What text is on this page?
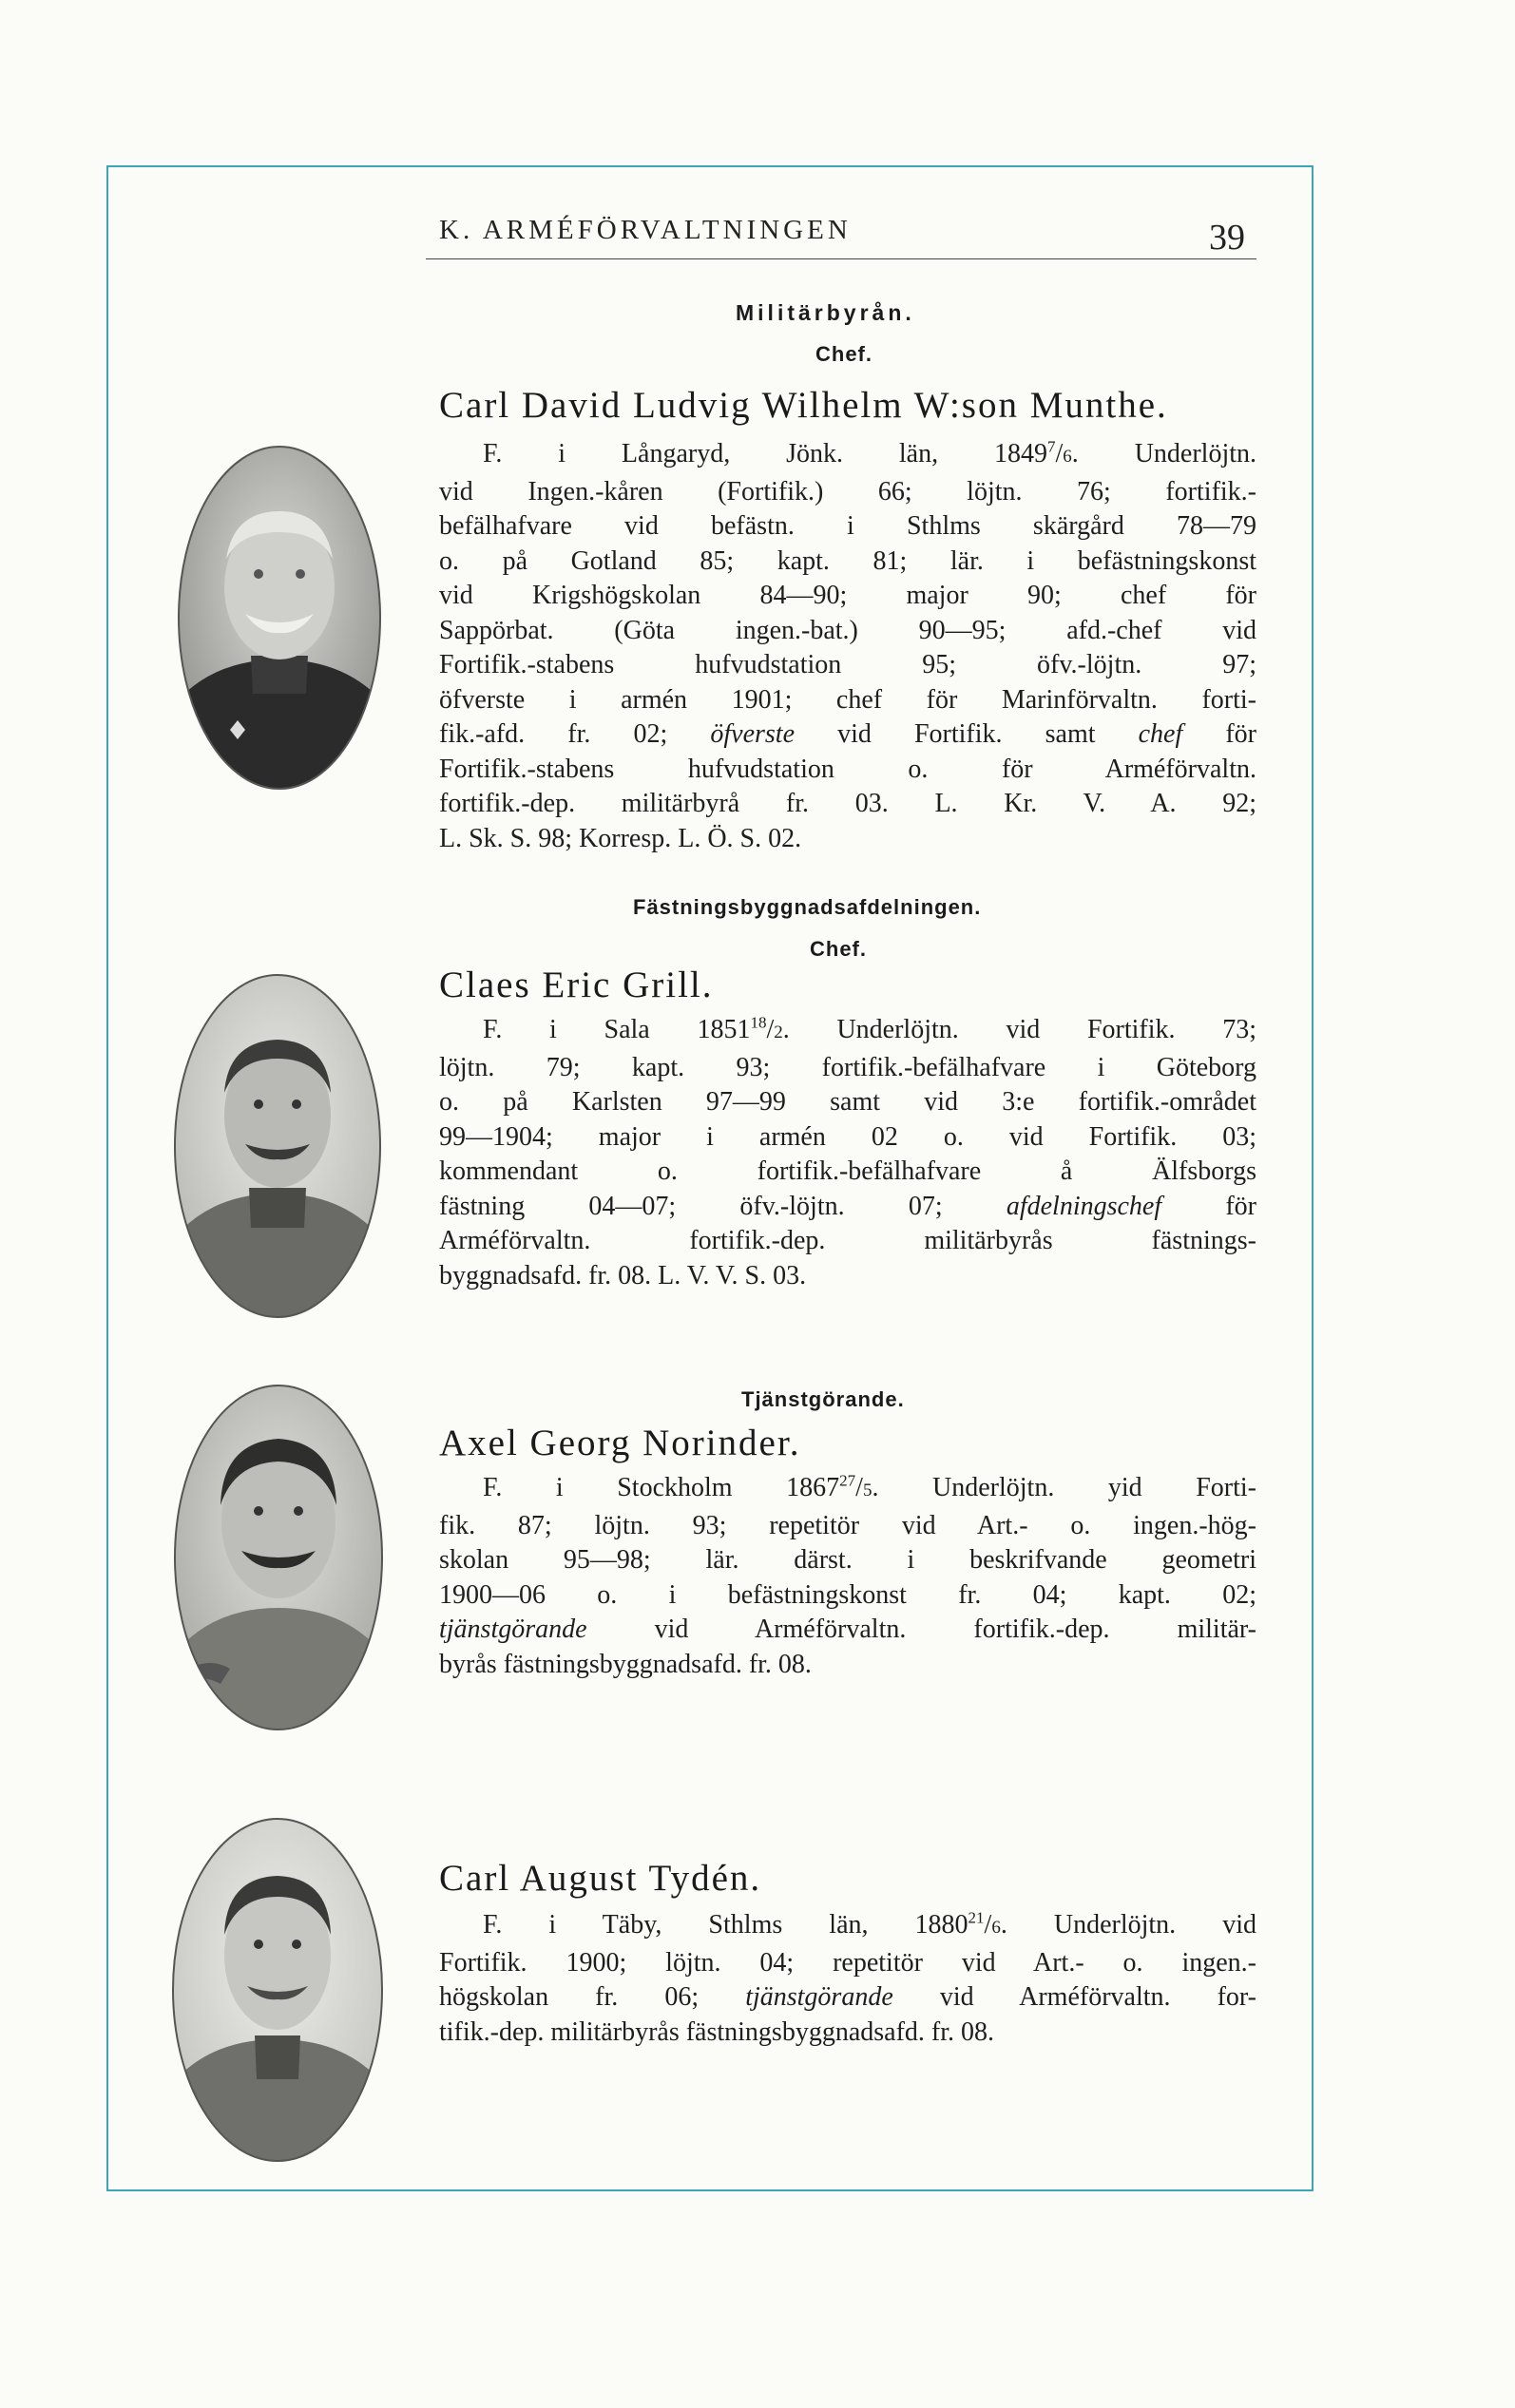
K. ARMÉFÖRVALTNINGEN	39
Militärbyrån.
Chef.
Carl David Ludvig Wilhelm W:son Munthe.
F. i Långaryd, Jönk. län, 1849$^7$/6. Underlöjtn.
vid Ingen.-kåren (Fortifik.) 66; löjtn. 76; fortifik.-
befälhafvare vid befästn. i Sthlms skärgård 78—79
o. på Gotland 85; kapt. 81; lär. i befästningskonst
vid Krigshögskolan 84—90; major 90; chef för
Sappörbat. (Göta ingen.-bat.) 90—95; afd.-chef vid
Fortifik.-stabens hufvudstation 95; öfv.-löjtn. 97;
öfverste i armén 1901; chef för Marinförvaltn. forti-
fik.-afd. fr. 02; öfverste vid Fortifik. samt chef för
Fortifik.-stabens hufvudstation o. för Arméförvaltn.
fortifik.-dep. militärbyrå fr. 03. L. Kr. V. A. 92;
L. Sk. S. 98; Korresp. L. Ö. S. 02.
Fästningsbyggnadsafdelningen.
Chef.
Claes Eric Grill.
F. i Sala 1851$^{18}$/2. Underlöjtn. vid Fortifik. 73;
löjtn. 79; kapt. 93; fortifik.-befälhafvare i Göteborg
o. på Karlsten 97—99 samt vid 3:e fortifik.-området
99—1904; major i armén 02 o. vid Fortifik. 03;
kommendant o. fortifik.-befälhafvare å Älfsborgs
fästning 04—07; öfv.-löjtn. 07; afdelningschef för
Arméförvaltn. fortifik.-dep. militärbyrås fästnings-
byggnadsafd. fr. 08. L. V. V. S. 03.
Tjänstgörande.
Axel Georg Norinder.
F. i Stockholm 1867$^{27}$/5. Underlöjtn. yid Forti-
fik. 87; löjtn. 93; repetitör vid Art.- o. ingen.-hög-
skolan 95—98; lär. därst. i beskrifvande geometri
1900—06 o. i befästningskonst fr. 04; kapt. 02;
tjänstgörande vid Arméförvaltn. fortifik.-dep. militär-
byrås fästningsbyggnadsafd. fr. 08.
Carl August Tydén.
F. i Täby, Sthlms län, 1880$^{21}$/6. Underlöjtn. vid
Fortifik. 1900; löjtn. 04; repetitör vid Art.- o. ingen.-
högskolan fr. 06; tjänstgörande vid Arméförvaltn. for-
tifik.-dep. militärbyrås fästningsbyggnadsafd. fr. 08.
